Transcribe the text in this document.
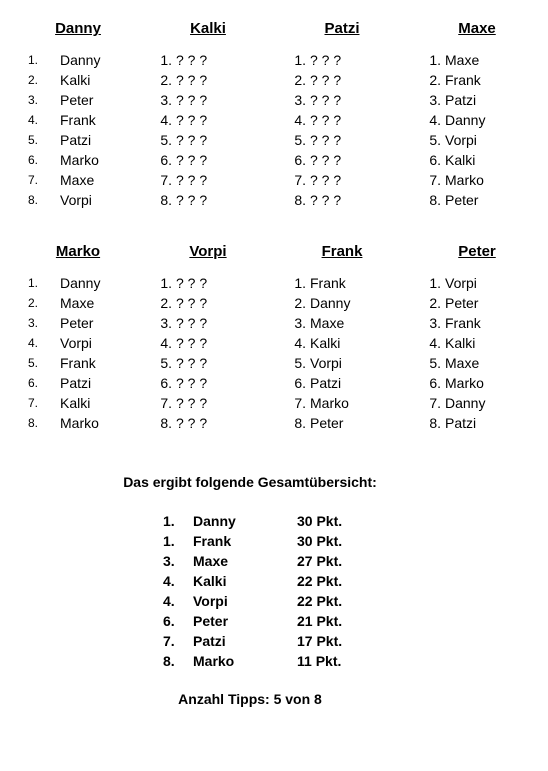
Danny
1. Danny
2. Kalki
3. Peter
4. Frank
5. Patzi
6. Marko
7. Maxe
8. Vorpi
Kalki
1. ? ? ?
2. ? ? ?
3. ? ? ?
4. ? ? ?
5. ? ? ?
6. ? ? ?
7. ? ? ?
8. ? ? ?
Patzi
1. ? ? ?
2. ? ? ?
3. ? ? ?
4. ? ? ?
5. ? ? ?
6. ? ? ?
7. ? ? ?
8. ? ? ?
Maxe
1. Maxe
2. Frank
3. Patzi
4. Danny
5. Vorpi
6. Kalki
7. Marko
8. Peter
Marko
1. Danny
2. Maxe
3. Peter
4. Vorpi
5. Frank
6. Patzi
7. Kalki
8. Marko
Vorpi
1. ? ? ?
2. ? ? ?
3. ? ? ?
4. ? ? ?
5. ? ? ?
6. ? ? ?
7. ? ? ?
8. ? ? ?
Frank
1. Frank
2. Danny
3. Maxe
4. Kalki
5. Vorpi
6. Patzi
7. Marko
8. Peter
Peter
1. Vorpi
2. Peter
3. Frank
4. Kalki
5. Maxe
6. Marko
7. Danny
8. Patzi
Das ergibt folgende Gesamtübersicht:
1. Danny	30 Pkt.
1. Frank	30 Pkt.
3. Maxe	27 Pkt.
4. Kalki	22 Pkt.
4. Vorpi	22 Pkt.
6. Peter	21 Pkt.
7. Patzi	17 Pkt.
8. Marko	11 Pkt.
Anzahl Tipps: 5 von 8
